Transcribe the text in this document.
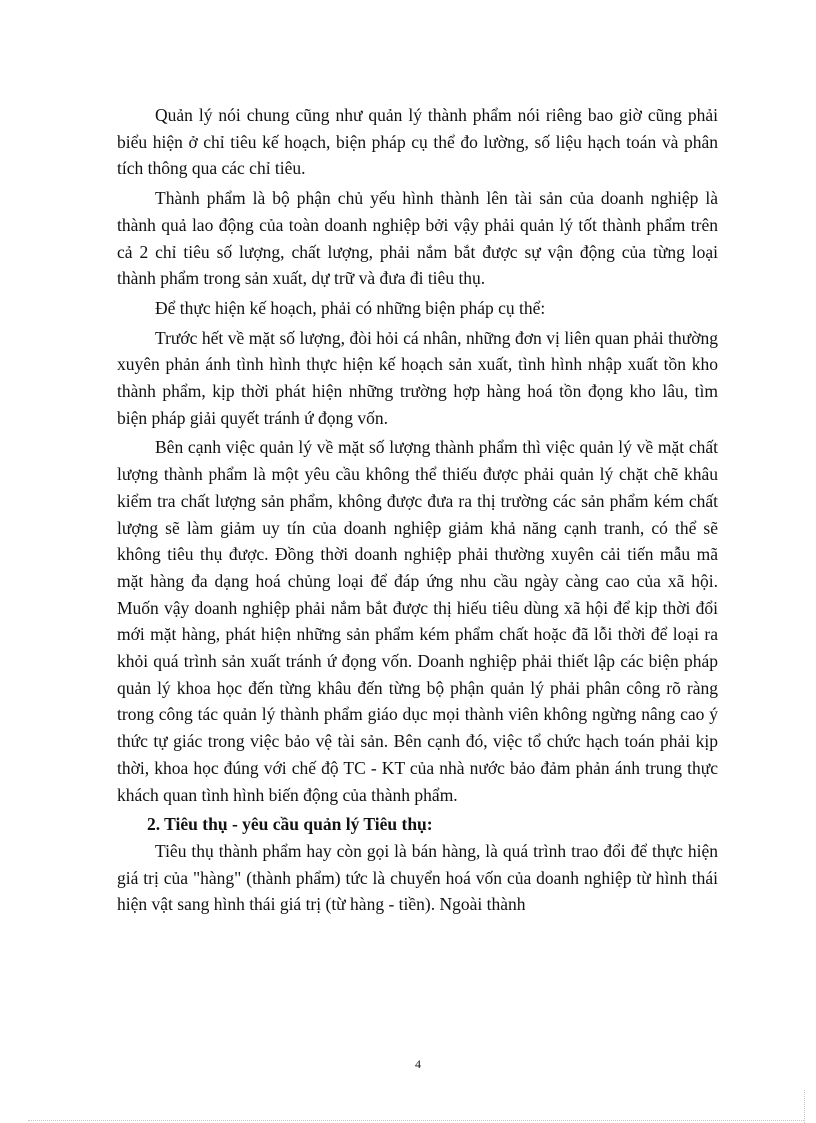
Quản lý nói chung cũng như quản lý thành phẩm nói riêng bao giờ cũng phải biểu hiện ở chỉ tiêu kế hoạch, biện pháp cụ thể đo lường, số liệu hạch toán và phân tích thông qua các chỉ tiêu.

Thành phẩm là bộ phận chủ yếu hình thành lên tài sản của doanh nghiệp là thành quả lao động của toàn doanh nghiệp bởi vậy phải quản lý tốt thành phẩm trên cả 2 chỉ tiêu số lượng, chất lượng, phải nắm bắt được sự vận động của từng loại thành phẩm trong sản xuất, dự trữ và đưa đi tiêu thụ.

Để thực hiện kế hoạch, phải có những biện pháp cụ thể:

Trước hết về mặt số lượng, đòi hỏi cá nhân, những đơn vị liên quan phải thường xuyên phản ánh tình hình thực hiện kế hoạch sản xuất, tình hình nhập xuất tồn kho thành phẩm, kịp thời phát hiện những trường hợp hàng hoá tồn đọng kho lâu, tìm biện pháp giải quyết tránh ứ đọng vốn.

Bên cạnh việc quản lý về mặt số lượng thành phẩm thì việc quản lý về mặt chất lượng thành phẩm là một yêu cầu không thể thiếu được phải quản lý chặt chẽ khâu kiểm tra chất lượng sản phẩm, không được đưa ra thị trường các sản phẩm kém chất lượng sẽ làm giảm uy tín của doanh nghiệp giảm khả năng cạnh tranh, có thể sẽ không tiêu thụ được. Đồng thời doanh nghiệp phải thường xuyên cải tiến mẫu mã mặt hàng đa dạng hoá chủng loại để đáp ứng nhu cầu ngày càng cao của xã hội. Muốn vậy doanh nghiệp phải nắm bắt được thị hiếu tiêu dùng xã hội để kịp thời đổi mới mặt hàng, phát hiện những sản phẩm kém phẩm chất hoặc đã lỗi thời để loại ra khỏi quá trình sản xuất tránh ứ đọng vốn. Doanh nghiệp phải thiết lập các biện pháp quản lý khoa học đến từng khâu đến từng bộ phận quản lý phải phân công rõ ràng trong công tác quản lý thành phẩm giáo dục mọi thành viên không ngừng nâng cao ý thức tự giác trong việc bảo vệ tài sản. Bên cạnh đó, việc tổ chức hạch toán phải kịp thời, khoa học đúng với chế độ TC - KT của nhà nước bảo đảm phản ánh trung thực khách quan tình hình biến động của thành phẩm.

2. Tiêu thụ - yêu cầu quản lý Tiêu thụ:

Tiêu thụ thành phẩm hay còn gọi là bán hàng, là quá trình trao đổi để thực hiện giá trị của "hàng" (thành phẩm) tức là chuyển hoá vốn của doanh nghiệp từ hình thái hiện vật sang hình thái giá trị (từ hàng - tiền). Ngoài thành

4
